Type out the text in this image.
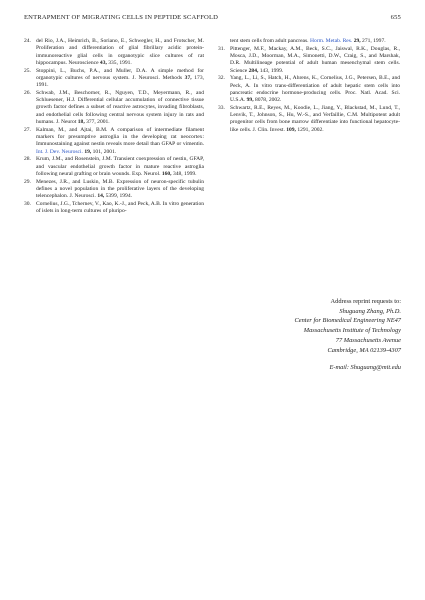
ENTRAPMENT OF MIGRATING CELLS IN PEPTIDE SCAFFOLD	655
24. del Rio, J.A., Heimrich, B., Soriano, E., Schwegler, H., and Frotscher, M. Proliferation and differentiation of glial fibrillary acidic protein-immunoreactive glial cells in organotypic slice cultures of rat hippocampus. Neuroscience 43, 335, 1991.
25. Stoppini, L., Buchs, P.A., and Muller, D.A. A simple method for organotypic cultures of nervous system. J. Neurosci. Methods 37, 173, 1991.
26. Schwab, J.M., Beschorner, R., Nguyen, T.D., Meyermann, R., and Schluesener, H.J. Differential cellular accumulation of connective tissue growth factor defines a subset of reactive astrocytes, invading fibroblasts, and endothelial cells following central nervous system injury in rats and humans. J. Neurot 18, 377, 2001.
27. Kalman, M., and Ajtai, B.M. A comparison of intermediate filament markers for presumptive astroglia in the developing rat neocortex: Immunostaining against nestin reveals more detail than GFAP or vimentin. Int. J. Dev. Neurosci. 19, 101, 2001.
28. Krum, J.M., and Rosenstein, J.M. Transient coexpression of nestin, GFAP, and vascular endothelial growth factor in mature reactive astroglia following neural grafting or brain wounds. Exp. Neurol. 160, 348, 1999.
29. Menezes, J.R., and Luskin, M.B. Expression of neuron-specific tubulin defines a novel population in the proliferative layers of the developing telencephalon. J. Neurosci. 14, 5399, 1994.
30. Cornelius, J.G., Tchernev, V., Kao, K.-J., and Peck, A.B. In vitro generation of islets in long-term cultures of pluripo-
tent stem cells from adult pancreas. Horm. Metab. Res. 29, 271, 1997.
31. Pittenger, M.F., Mackay, A.M., Beck, S.C., Jaiswal, R.K., Douglas, R., Mosca, J.D., Moorman, M.A., Simonetti, D.W., Craig, S., and Marshak, D.R. Multilineage potential of adult human mesenchymal stem cells. Science 284, 143, 1999.
32. Yang, L., Li, S., Hatch, H., Ahrens, K., Cornelius, J.G., Petersen, B.E., and Peck, A. In vitro trans-differentiation of adult hepatic stem cells into pancreatic endocrine hormone-producing cells. Proc. Natl. Acad. Sci. U.S.A. 99, 8078, 2002.
33. Schwartz, R.E., Reyes, M., Koodie, L., Jiang, Y., Blackstad, M., Lund, T., Lenvik, T., Johnson, S., Hu, W.-S., and Verfaillie, C.M. Multipotent adult progenitor cells from bone marrow differentiate into functional hepatocyte-like cells. J. Clin. Invest. 109, 1291, 2002.
Address reprint requests to:
Shuguang Zhang, Ph.D.
Center for Biomedical Engineering NE47
Massachusetts Institute of Technology
77 Massachusetts Avenue
Cambridge, MA 02139-4307
E-mail: Shuguang@mit.edu
